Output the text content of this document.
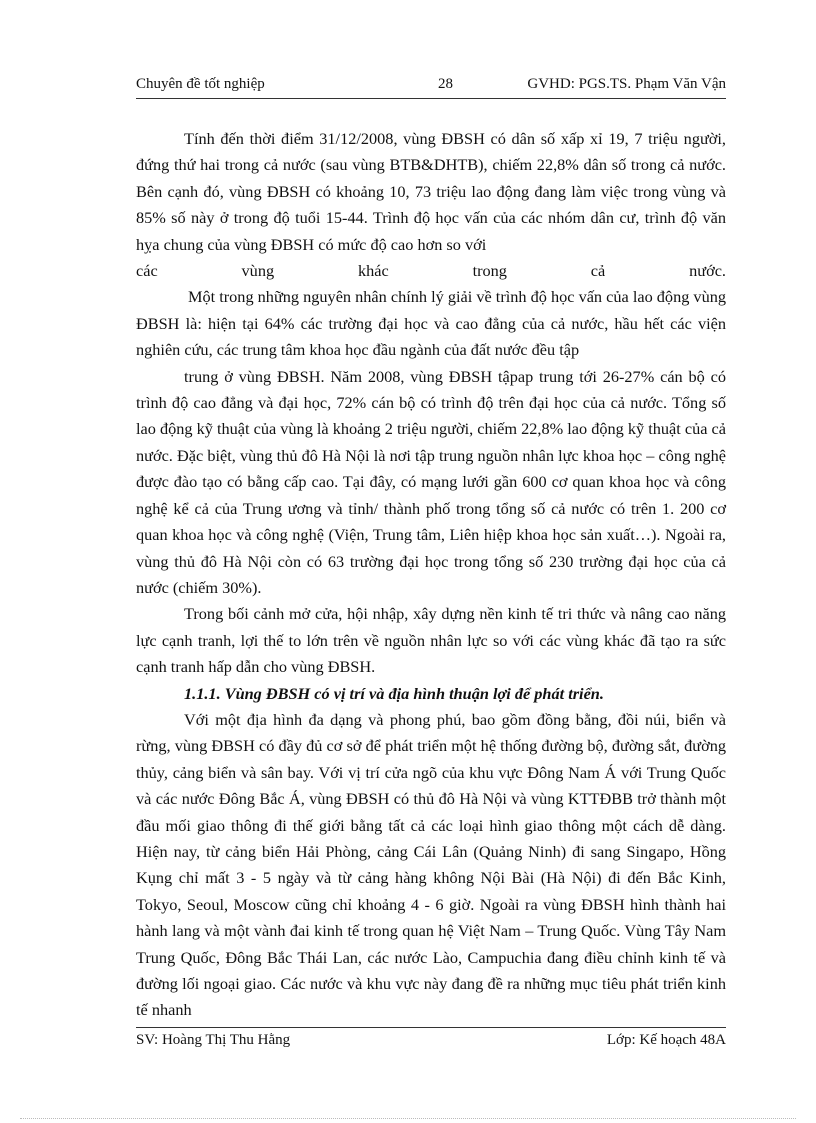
Chuyên đề tốt nghiệp	28	GVHD: PGS.TS. Phạm Văn Vận

Tính đến thời điểm 31/12/2008, vùng ĐBSH có dân số xấp xỉ 19, 7 triệu người, đứng thứ hai trong cả nước (sau vùng BTB&DHTB), chiếm 22,8% dân số trong cả nước. Bên cạnh đó, vùng ĐBSH có khoảng 10, 73 triệu lao động đang làm việc trong vùng và 85% số này ở trong độ tuổi 15-44. Trình độ học vấn của các nhóm dân cư, trình độ văn hỵa chung của vùng ĐBSH có mức độ cao hơn so với

các vùng khác trong cả nước.

Một trong những nguyên nhân chính lý giải về trình độ học vấn của lao động vùng ĐBSH là: hiện tại 64% các trường đại học và cao đẳng của cả nước, hầu hết các viện nghiên cứu, các trung tâm khoa học đầu ngành của đất nước đều tập

trung ở vùng ĐBSH. Năm 2008, vùng ĐBSH tậpap trung tới 26-27% cán bộ có trình độ cao đẳng và đại học, 72% cán bộ có trình độ trên đại học của cả nước. Tổng số lao động kỹ thuật của vùng là khoảng 2 triệu người, chiếm 22,8% lao động kỹ thuật của cả nước. Đặc biệt, vùng thủ đô Hà Nội là nơi tập trung nguồn nhân lực khoa học – công nghệ được đào tạo có bằng cấp cao. Tại đây, có mạng lưới gần 600 cơ quan khoa học và công nghệ kể cả của Trung ương và tỉnh/ thành phố trong tổng số cả nước có trên 1. 200 cơ quan khoa học và công nghệ (Viện, Trung tâm, Liên hiệp khoa học sản xuất…). Ngoài ra, vùng thủ đô Hà Nội còn có 63 trường đại học trong tổng số 230 trường đại học của cả nước (chiếm 30%).

Trong bối cảnh mở cửa, hội nhập, xây dựng nền kinh tế tri thức và nâng cao năng lực cạnh tranh, lợi thế to lớn trên về nguồn nhân lực so với các vùng khác đã tạo ra sức cạnh tranh hấp dẫn cho vùng ĐBSH.

1.1.1. Vùng ĐBSH có vị trí và địa hình thuận lợi để phát triển.

Với một địa hình đa dạng và phong phú, bao gồm đồng bằng, đồi núi, biển và rừng, vùng ĐBSH có đầy đủ cơ sở để phát triển một hệ thống đường bộ, đường sắt, đường thủy, cảng biển và sân bay. Với vị trí cửa ngõ của khu vực Đông Nam Á với Trung Quốc và các nước Đông Bắc Á, vùng ĐBSH có thủ đô Hà Nội và vùng KTTĐBB trở thành một đầu mối giao thông đi thế giới bằng tất cả các loại hình giao thông một cách dễ dàng. Hiện nay, từ cảng biển Hải Phòng, cảng Cái Lân (Quảng Ninh) đi sang Singapo, Hồng Kụng chỉ mất 3 - 5 ngày và từ cảng hàng không Nội Bài (Hà Nội) đi đến Bắc Kinh, Tokyo, Seoul, Moscow cũng chỉ khoảng 4 - 6 giờ. Ngoài ra vùng ĐBSH hình thành hai hành lang và một vành đai kinh tế trong quan hệ Việt Nam – Trung Quốc. Vùng Tây Nam Trung Quốc, Đông Bắc Thái Lan, các nước Lào, Campuchia đang điều chỉnh kinh tế và đường lối ngoại giao. Các nước và khu vực này đang đề ra những mục tiêu phát triển kinh tế nhanh

SV: Hoàng Thị Thu Hằng	Lớp: Kế hoạch 48A
